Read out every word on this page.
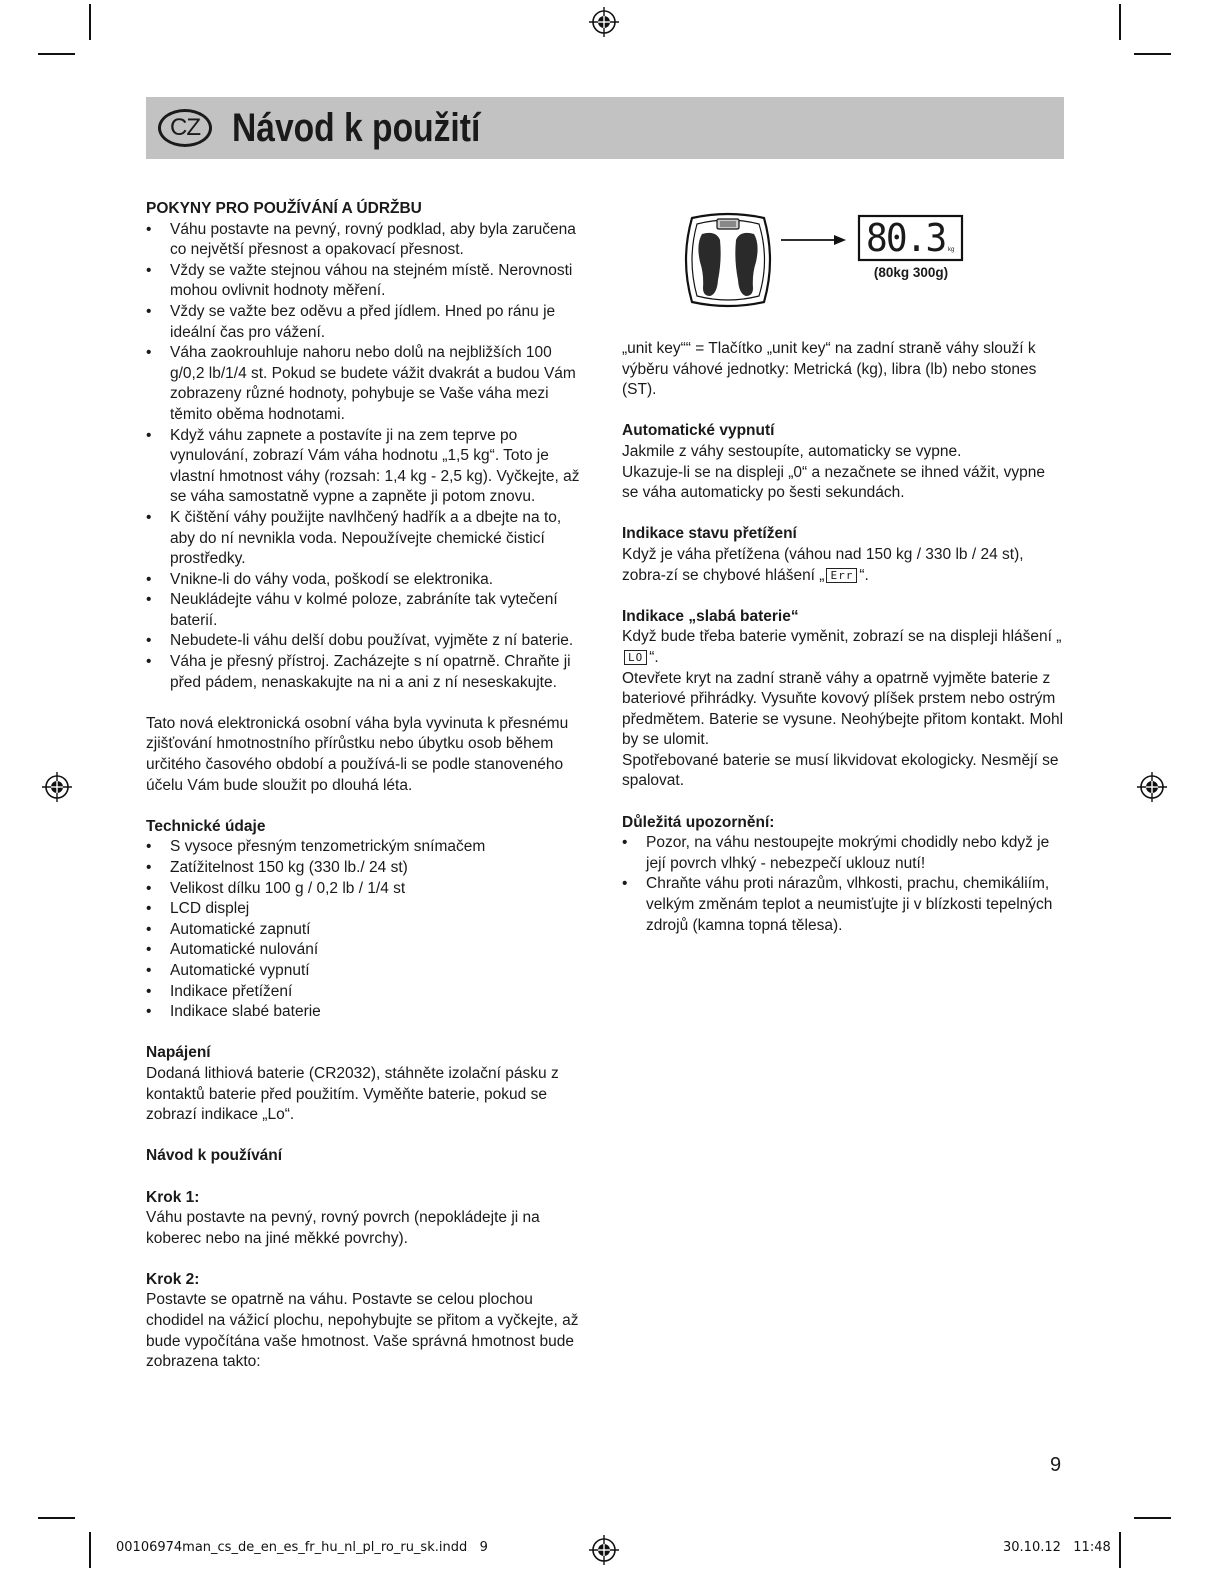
CZ Návod k použití

POKYNY PRO POUŽÍVÁNÍ A ÚDRŽBU

• Váhu postavte na pevný, rovný podklad, aby byla zaručena co největší přesnost a opakovací přesnost.
• Vždy se važte stejnou váhou na stejném místě. Nerovnosti mohou ovlivnit hodnoty měření.
• Vždy se važte bez oděvu a před jídlem. Hned po ránu je ideální čas pro vážení.
• Váha zaokrouhluje nahoru nebo dolů na nejbližších 100 g/0,2 lb/1/4 st. Pokud se budete vážit dvakrát a budou Vám zobrazeny různé hodnoty, pohybuje se Vaše váha mezi těmito oběma hodnotami.
• Když váhu zapnete a postavíte ji na zem teprve po vynulování, zobrazí Vám váha hodnotu „1,5 kg“. Toto je vlastní hmotnost váhy (rozsah: 1,4 kg - 2,5 kg). Vyčkejte, až se váha samostatně vypne a zapněte ji potom znovu.
• K čištění váhy použijte navlhčený hadřík a a dbejte na to, aby do ní nevnikla voda. Nepoužívejte chemické čisticí prostředky.
• Vnikne-li do váhy voda, poškodí se elektronika.
• Neukládejte váhu v kolmé poloze, zabráníte tak vytečení baterií.
• Nebudete-li váhu delší dobu používat, vyjměte z ní baterie.
• Váha je přesný přístroj. Zacházejte s ní opatrně. Chraňte ji před pádem, nenaskakujte na ni a ani z ní neseskakujte.

Tato nová elektronická osobní váha byla vyvinuta k přesnému zjišťování hmotnostního přírůstku nebo úbytku osob během určitého časového období a používá-li se podle stanoveného účelu Vám bude sloužit po dlouhá léta.

Technické údaje

• S vysoce přesným tenzometrickým snímačem
• Zatížitelnost 150 kg (330 lb./ 24 st)
• Velikost dílku 100 g / 0,2 lb / 1/4 st
• LCD displej
• Automatické zapnutí
• Automatické nulování
• Automatické vypnutí
• Indikace přetížení
• Indikace slabé baterie

Napájení

Dodaná lithiová baterie (CR2032), stáhněte izolační pásku z kontaktů baterie před použitím. Vyměňte baterie, pokud se zobrazí indikace „Lo“.

Návod k používání

Krok 1:

Váhu postavte na pevný, rovný povrch (nepokládejte ji na koberec nebo na jiné měkké povrchy).

Krok 2:

Postavte se opatrně na váhu. Postavte se celou plochou chodidel na vážicí plochu, nepohybujte se přitom a vyčkejte, až bude vypočítána vaše hmotnost. Vaše správná hmotnost bude zobrazena takto:

80.3 kg
(80kg 300g)

„unit key““ = Tlačítko „unit key“ na zadní straně váhy slouží k výběru váhové jednotky: Metrická (kg), libra (lb) nebo stones (ST).

Automatické vypnutí

Jakmile z váhy sestoupíte, automaticky se vypne.

Ukazuje-li se na displeji „0“ a nezačnete se ihned vážit, vypne se váha automaticky po šesti sekundách.

Indikace stavu přetížení

Když je váha přetížena (váhou nad 150 kg / 330 lb / 24 st), zobra-zí se chybové hlášení „ Err “.

Indikace „slabá baterie“

Když bude třeba baterie vyměnit, zobrazí se na displeji hlášení „LO “.

Otevřete kryt na zadní straně váhy a opatrně vyjměte baterie z bateriové přihrádky. Vysuňte kovový plíšek prstem nebo ostrým předmětem. Baterie se vysune. Neohýbejte přitom kontakt. Mohl by se ulomit.

Spotřebované baterie se musí likvidovat ekologicky. Nesmějí se spalovat.

Důležitá upozornění:

• Pozor, na váhu nestoupejte mokrými chodidly nebo když je její povrch vlhký - nebezpečí uklouz nutí!
• Chraňte váhu proti nárazům, vlhkosti, prachu, chemikáliím, velkým změnám teplot a neumisťujte ji v blízkosti tepelných zdrojů (kamna topná tělesa).
9
00106974man_cs_de_en_es_fr_hu_nl_pl_ro_ru_sk.indd   9	30.10.12   11:48
